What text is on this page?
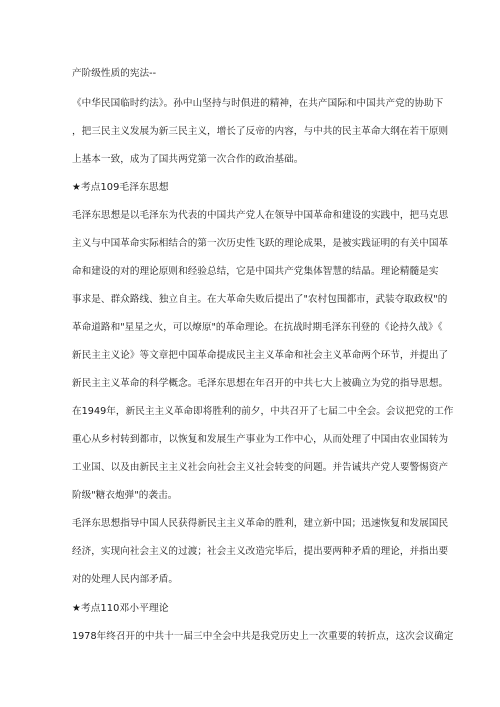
产阶级性质的宪法--
《中华民国临时约法》。孙中山坚持与时俱进的精神，在共产国际和中国共产党的协助下
，把三民主义发展为新三民主义，增长了反帝的内容，与中共的民主革命大纲在若干原则
上基本一致，成为了国共两党第一次合作的政治基础。
★考点109毛泽东思想
毛泽东思想是以毛泽东为代表的中国共产党人在领导中国革命和建设的实践中，把马克思
主义与中国革命实际相结合的第一次历史性飞跃的理论成果，是被实践证明的有关中国革
命和建设的对的理论原则和经验总结，它是中国共产党集体智慧的结晶。理论精髓是实
事求是、群众路线、独立自主。在大革命失败后提出了"农村包围都市，武装夺取政权"的
革命道路和"星星之火，可以燎原"的革命理论。在抗战时期毛泽东刊登的《论持久战》《
新民主主义论》等文章把中国革命提成民主主义革命和社会主义革命两个环节，并提出了
新民主主义革命的科学概念。毛泽东思想在年召开的中共七大上被确立为党的指导思想。
在1949年，新民主主义革命即将胜利的前夕，中共召开了七届二中全会。会议把党的工作
重心从乡村转到都市，以恢复和发展生产事业为工作中心，从而处理了中国由农业国转为
工业国、以及由新民主主义社会向社会主义社会转变的问题。并告诫共产党人要警惕资产
阶级"糖衣炮弹"的袭击。
毛泽东思想指导中国人民获得新民主主义革命的胜利，建立新中国；迅速恢复和发展国民
经济，实现向社会主义的过渡；社会主义改造完毕后，提出要两种矛盾的理论，并指出要
对的处理人民内部矛盾。
★考点110邓小平理论
1978年终召开的中共十一届三中全会中共是我党历史上一次重要的转折点，这次会议确定
